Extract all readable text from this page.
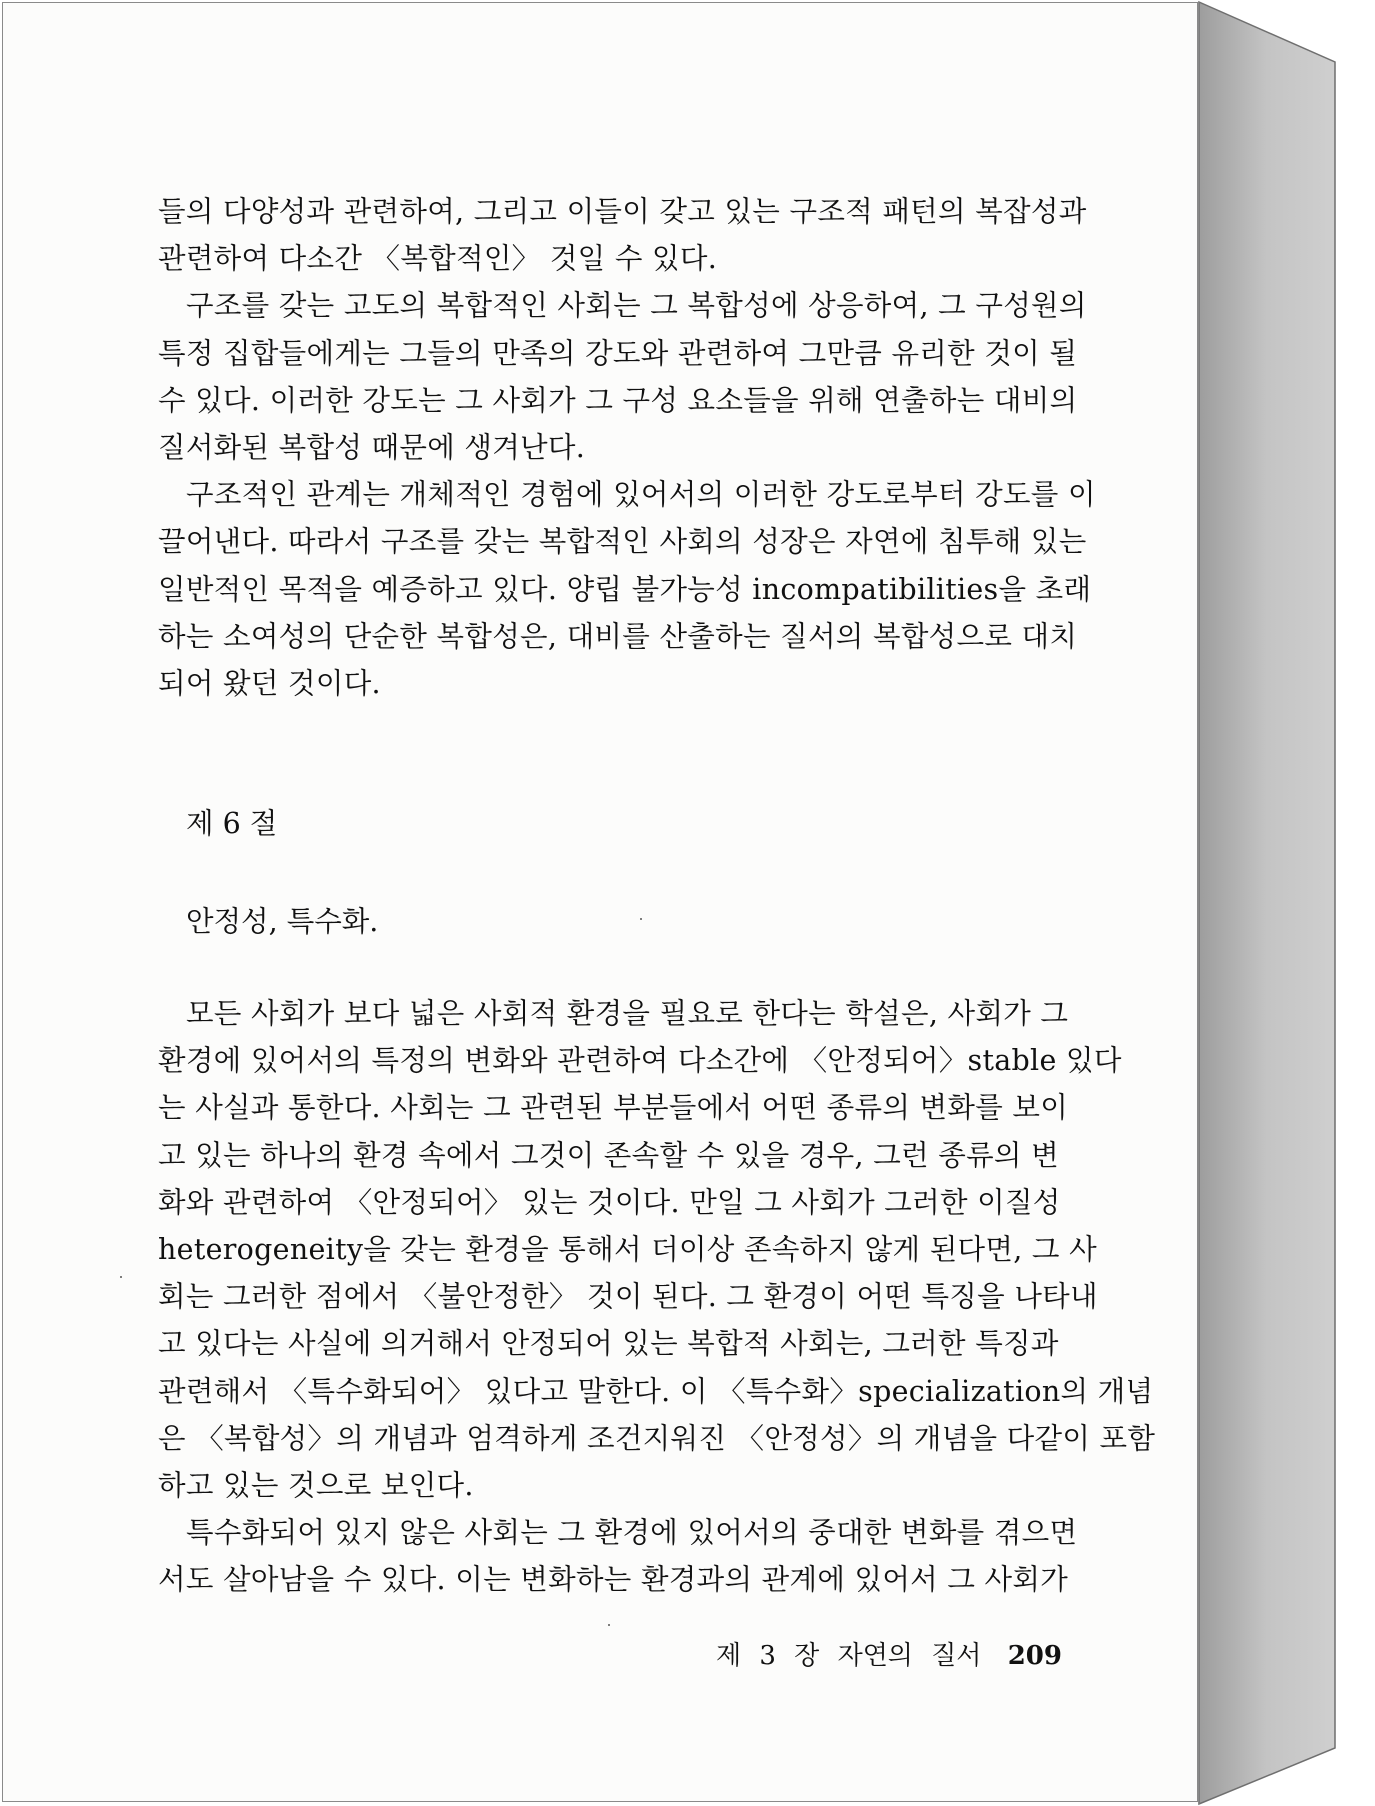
들의 다양성과 관련하여, 그리고 이들이 갖고 있는 구조적 패턴의 복잡성과
관련하여 다소간 〈복합적인〉 것일 수 있다.
구조를 갖는 고도의 복합적인 사회는 그 복합성에 상응하여, 그 구성원의
특정 집합들에게는 그들의 만족의 강도와 관련하여 그만큼 유리한 것이 될
수 있다. 이러한 강도는 그 사회가 그 구성 요소들을 위해 연출하는 대비의
질서화된 복합성 때문에 생겨난다.
구조적인 관계는 개체적인 경험에 있어서의 이러한 강도로부터 강도를 이
끌어낸다. 따라서 구조를 갖는 복합적인 사회의 성장은 자연에 침투해 있는
일반적인 목적을 예증하고 있다. 양립 불가능성 incompatibilities을 초래
하는 소여성의 단순한 복합성은, 대비를 산출하는 질서의 복합성으로 대치
되어 왔던 것이다.
제 6 절
안정성, 특수화.
모든 사회가 보다 넓은 사회적 환경을 필요로 한다는 학설은, 사회가 그
환경에 있어서의 특정의 변화와 관련하여 다소간에 〈안정되어〉stable 있다
는 사실과 통한다. 사회는 그 관련된 부분들에서 어떤 종류의 변화를 보이
고 있는 하나의 환경 속에서 그것이 존속할 수 있을 경우, 그런 종류의 변
화와 관련하여 〈안정되어〉 있는 것이다. 만일 그 사회가 그러한 이질성
heterogeneity을 갖는 환경을 통해서 더이상 존속하지 않게 된다면, 그 사
회는 그러한 점에서 〈불안정한〉 것이 된다. 그 환경이 어떤 특징을 나타내
고 있다는 사실에 의거해서 안정되어 있는 복합적 사회는, 그러한 특징과
관련해서 〈특수화되어〉 있다고 말한다. 이 〈특수화〉specialization의 개념
은 〈복합성〉의 개념과 엄격하게 조건지워진 〈안정성〉의 개념을 다같이 포함
하고 있는 것으로 보인다.
특수화되어 있지 않은 사회는 그 환경에 있어서의 중대한 변화를 겪으면
서도 살아남을 수 있다. 이는 변화하는 환경과의 관계에 있어서 그 사회가
제 3 장 자연의 질서 209
